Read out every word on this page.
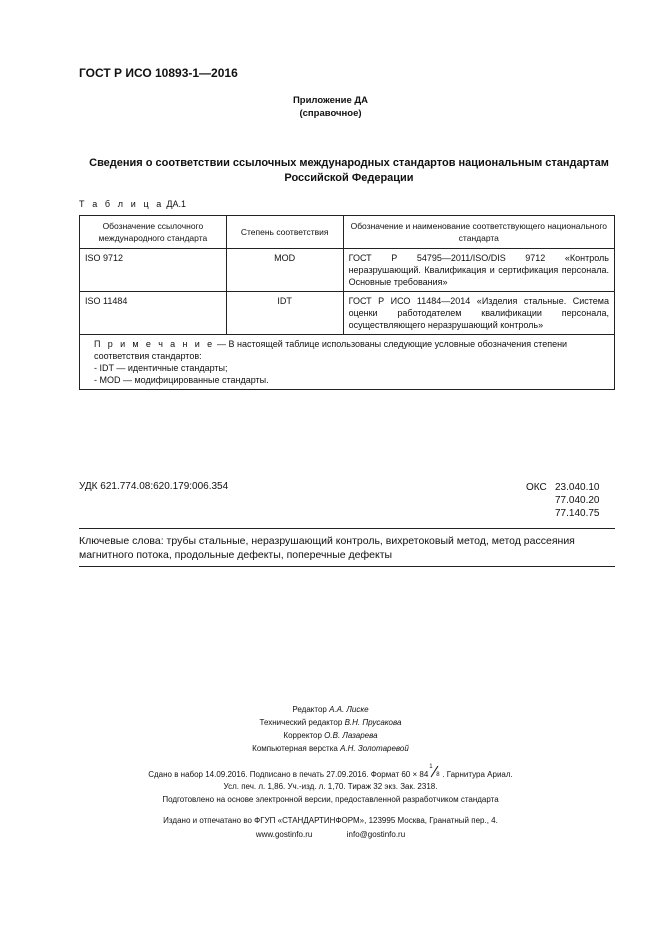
ГОСТ Р ИСО 10893-1—2016
Приложение ДА
(справочное)
Сведения о соответствии ссылочных международных стандартов национальным стандартам
Российской Федерации
Т а б л и ц а ДА.1
Обозначение ссылочного международного стандарта	Степень соответствия	Обозначение и наименование соответствующего национального стандарта
ISO 9712	MOD	ГОСТ Р 54795—2011/ISO/DIS 9712 «Контроль неразрушающий. Квалификация и сертификация персонала. Основные требования»
ISO 11484	IDT	ГОСТ Р ИСО 11484—2014 «Изделия стальные. Система оценки работодателем квалификации персонала, осуществляющего неразрушающий контроль»
П р и м е ч а н и е — В настоящей таблице использованы следующие условные обозначения степени соответствия стандартов:
- IDT — идентичные стандарты;
- MOD — модифицированные стандарты.		
УДК 621.774.08:620.179:006.354	ОКС 23.040.10
77.040.20
77.140.75
Ключевые слова: трубы стальные, неразрушающий контроль, вихретоковый метод, метод рассеяния магнитного потока, продольные дефекты, поперечные дефекты
Редактор А.А. Лиске
Технический редактор В.Н. Прусакова
Корректор О.В. Лазарева
Компьютерная верстка А.Н. Золотаревой
Сдано в набор 14.09.2016. Подписано в печать 27.09.2016. Формат 60 × 84
1
8 . Гарнитура Ариал.
Усл. печ. л. 1,86. Уч.-изд. л. 1,70. Тираж 32 экз. Зак. 2318.
Подготовлено на основе электронной версии, предоставленной разработчиком стандарта
Издано и отпечатано во ФГУП «СТАНДАРТИНФОРМ», 123995 Москва, Гранатный пер., 4.
www.gostinfo.ru	info@gostinfo.ru
